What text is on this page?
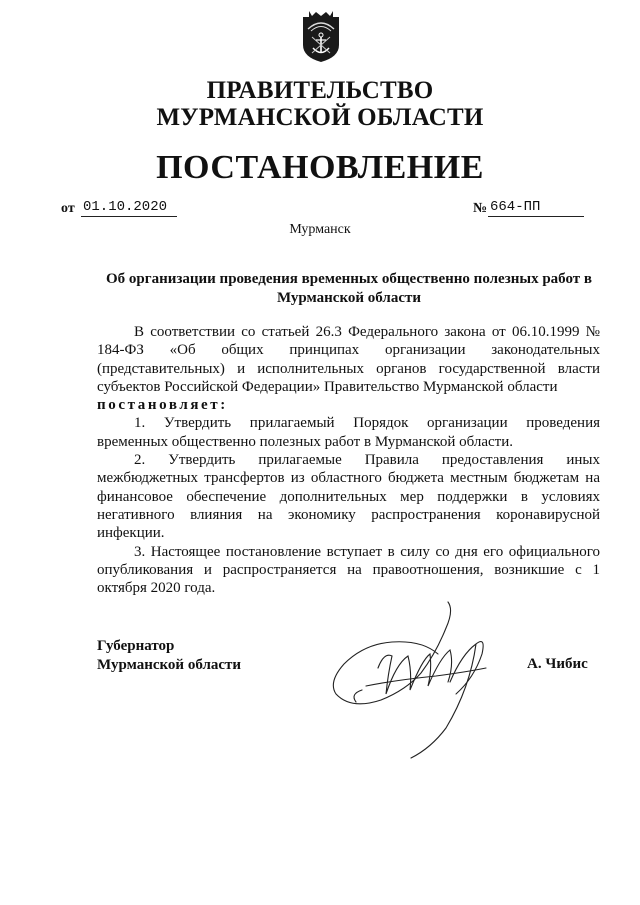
ПРАВИТЕЛЬСТВО
МУРМАНСКОЙ ОБЛАСТИ
ПОСТАНОВЛЕНИЕ
от 01.10.2020	№ 664-ПП
Мурманск
Об организации проведения временных общественно полезных работ в
Мурманской области

В соответствии со статьей 26.3 Федерального закона от 06.10.1999 № 184-ФЗ «Об общих принципах организации законодательных (представительных) и исполнительных органов государственной власти субъектов Российской Федерации» Правительство Мурманской области

постановляет:

1. Утвердить прилагаемый Порядок организации проведения временных общественно полезных работ в Мурманской области.

2. Утвердить прилагаемые Правила предоставления иных межбюджетных трансфертов из областного бюджета местным бюджетам на финансовое обеспечение дополнительных мер поддержки в условиях негативного влияния на экономику распространения коронавирусной инфекции.

3. Настоящее постановление вступает в силу со дня его официального опубликования и распространяется на правоотношения, возникшие с 1 октября 2020 года.

Губернатор
Мурманской области	А. Чибис
